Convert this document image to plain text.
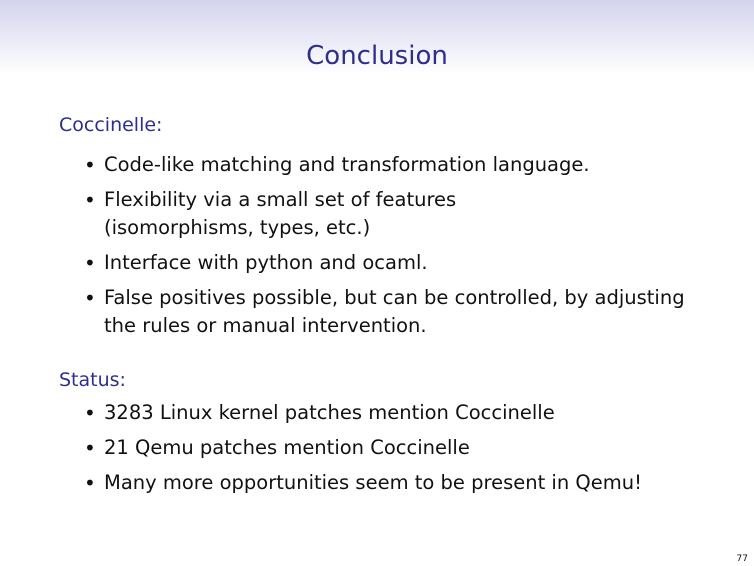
Conclusion
Coccinelle:
• Code-like matching and transformation language.
• Flexibility via a small set of features
(isomorphisms, types, etc.)
• Interface with python and ocaml.
• False positives possible, but can be controlled, by adjusting
the rules or manual intervention.
Status:
• 3283 Linux kernel patches mention Coccinelle
• 21 Qemu patches mention Coccinelle
• Many more opportunities seem to be present in Qemu!
77
